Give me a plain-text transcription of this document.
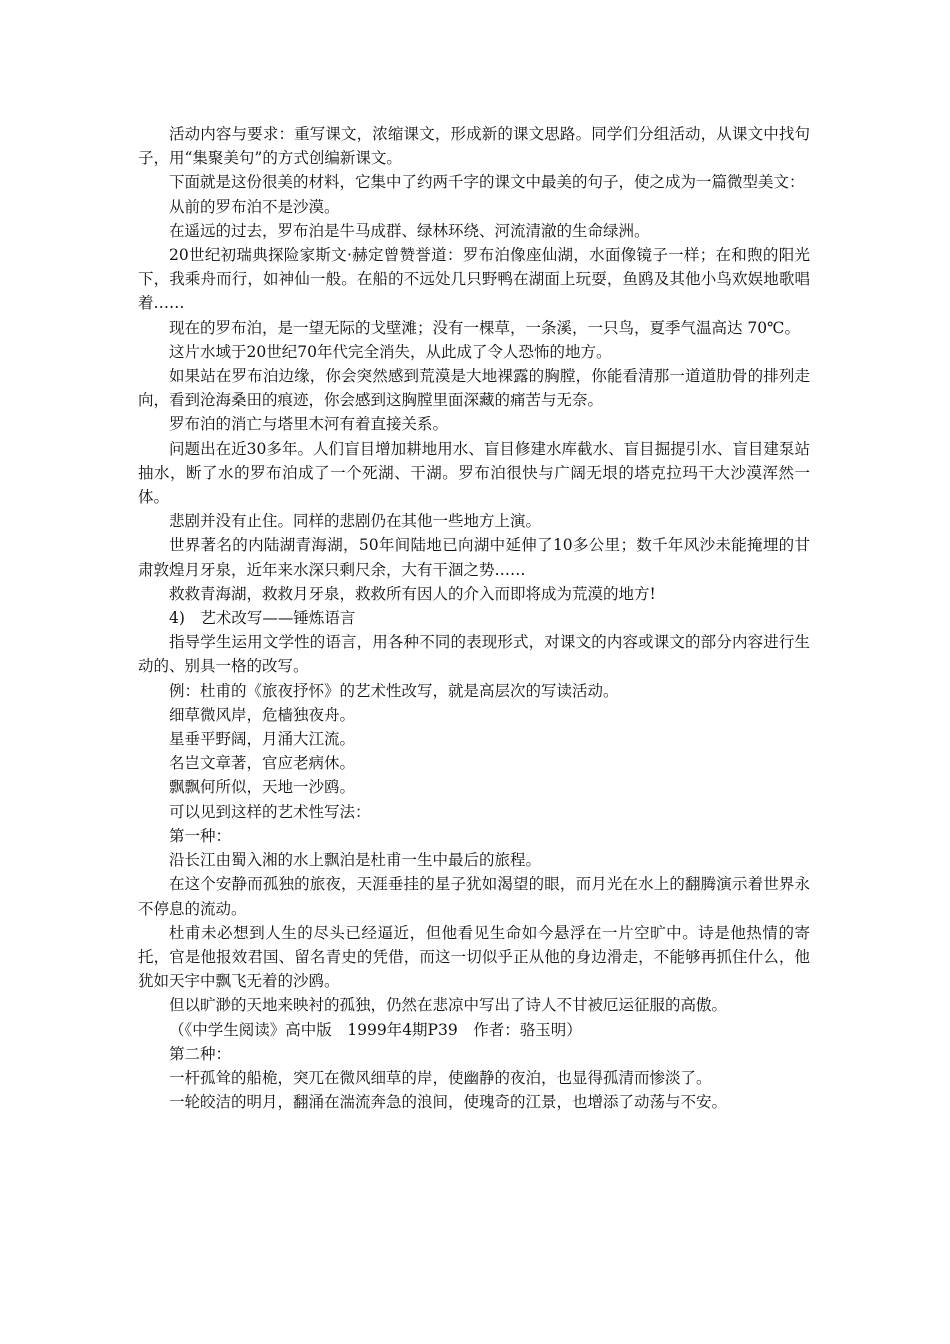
活动内容与要求：重写课文，浓缩课文，形成新的课文思路。同学们分组活动，从课文中找句子，用“集聚美句”的方式创编新课文。

下面就是这份很美的材料，它集中了约两千字的课文中最美的句子，使之成为一篇微型美文：

从前的罗布泊不是沙漠。

在遥远的过去，罗布泊是牛马成群、绿林环绕、河流清澈的生命绿洲。

20世纪初瑞典探险家斯文·赫定曾赞誉道：罗布泊像座仙湖，水面像镜子一样；在和煦的阳光下，我乘舟而行，如神仙一般。在船的不远处几只野鸭在湖面上玩耍，鱼鸥及其他小鸟欢娱地歌唱着……

现在的罗布泊，是一望无际的戈壁滩；没有一棵草，一条溪，一只鸟，夏季气温高达 70℃。

这片水域于20世纪70年代完全消失，从此成了令人恐怖的地方。

如果站在罗布泊边缘，你会突然感到荒漠是大地裸露的胸膛，你能看清那一道道肋骨的排列走向，看到沧海桑田的痕迹，你会感到这胸膛里面深藏的痛苦与无奈。

罗布泊的消亡与塔里木河有着直接关系。

问题出在近30多年。人们盲目增加耕地用水、盲目修建水库截水、盲目掘提引水、盲目建泵站抽水，断了水的罗布泊成了一个死湖、干湖。罗布泊很快与广阔无垠的塔克拉玛干大沙漠浑然一体。

悲剧并没有止住。同样的悲剧仍在其他一些地方上演。

世界著名的内陆湖青海湖，50年间陆地已向湖中延伸了10多公里；数千年风沙未能掩埋的甘肃敦煌月牙泉，近年来水深只剩尺余，大有干涸之势……

救救青海湖，救救月牙泉，救救所有因人的介入而即将成为荒漠的地方!

4)　艺术改写——锤炼语言

指导学生运用文学性的语言，用各种不同的表现形式，对课文的内容或课文的部分内容进行生动的、别具一格的改写。

例：杜甫的《旅夜抒怀》的艺术性改写，就是高层次的写读活动。

细草微风岸，危樯独夜舟。

星垂平野阔，月涌大江流。

名岂文章著，官应老病休。

飘飘何所似，天地一沙鸥。

可以见到这样的艺术性写法：

第一种：

沿长江由蜀入湘的水上飘泊是杜甫一生中最后的旅程。

在这个安静而孤独的旅夜，天涯垂挂的星子犹如渴望的眼，而月光在水上的翻腾演示着世界永不停息的流动。

杜甫未必想到人生的尽头已经逼近，但他看见生命如今悬浮在一片空旷中。诗是他热情的寄托，官是他报效君国、留名青史的凭借，而这一切似乎正从他的身边滑走，不能够再抓住什么，他犹如天宇中飘飞无着的沙鸥。

但以旷渺的天地来映衬的孤独，仍然在悲凉中写出了诗人不甘被厄运征服的高傲。

（《中学生阅读》高中版　1999年4期P39　作者：骆玉明）

第二种：

一杆孤耸的船桅，突兀在微风细草的岸，使幽静的夜泊，也显得孤清而惨淡了。

一轮皎洁的明月，翻涌在湍流奔急的浪间，使瑰奇的江景，也增添了动荡与不安。
